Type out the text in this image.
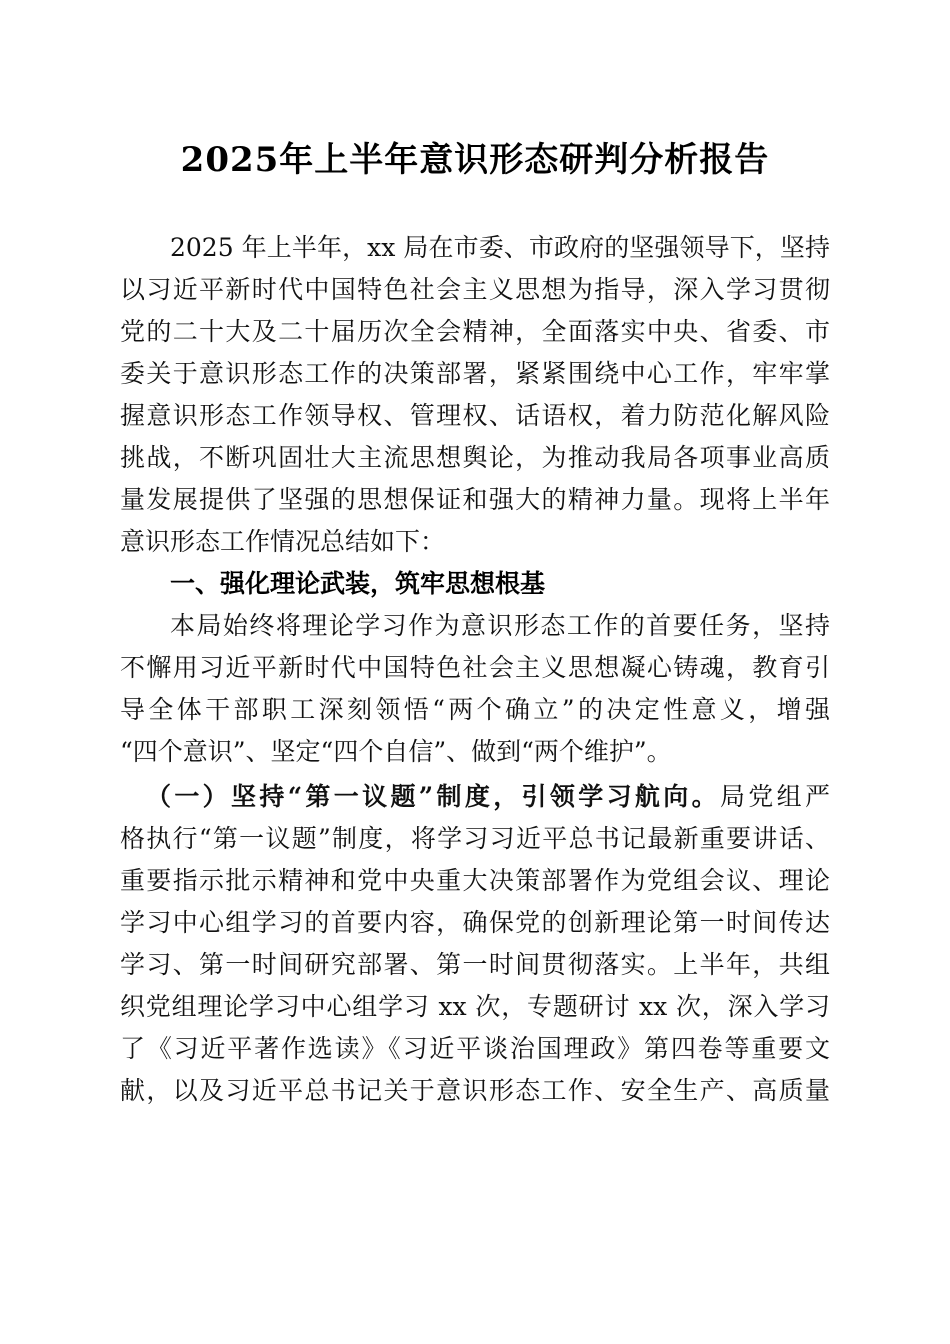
2025年上半年意识形态研判分析报告
2025 年上半年，xx 局在市委、市政府的坚强领导下，坚持
以习近平新时代中国特色社会主义思想为指导，深入学习贯彻
党的二十大及二十届历次全会精神，全面落实中央、省委、市
委关于意识形态工作的决策部署，紧紧围绕中心工作，牢牢掌
握意识形态工作领导权、管理权、话语权，着力防范化解风险
挑战，不断巩固壮大主流思想舆论，为推动我局各项事业高质
量发展提供了坚强的思想保证和强大的精神力量。现将上半年
意识形态工作情况总结如下：
一、强化理论武装，筑牢思想根基
本局始终将理论学习作为意识形态工作的首要任务，坚持
不懈用习近平新时代中国特色社会主义思想凝心铸魂，教育引
导全体干部职工深刻领悟“两个确立”的决定性意义，增强
“四个意识”、坚定“四个自信”、做到“两个维护”。
（一）坚持“第一议题”制度，引领学习航向。局党组严
格执行“第一议题”制度，将学习习近平总书记最新重要讲话、
重要指示批示精神和党中央重大决策部署作为党组会议、理论
学习中心组学习的首要内容，确保党的创新理论第一时间传达
学习、第一时间研究部署、第一时间贯彻落实。上半年，共组
织党组理论学习中心组学习 xx 次，专题研讨 xx 次，深入学习
了《习近平著作选读》《习近平谈治国理政》第四卷等重要文
献，以及习近平总书记关于意识形态工作、安全生产、高质量
